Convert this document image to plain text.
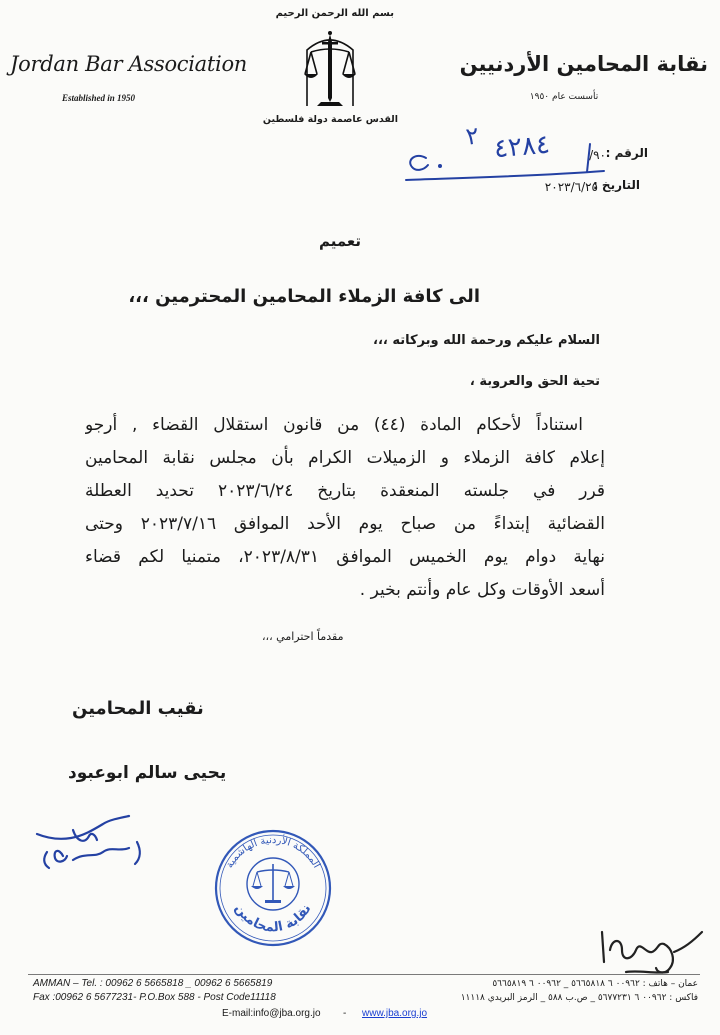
بسم الله الرحمن الرحيم
القدس عاصمة دولة فلسطين
Jordan Bar Association
Established in 1950
نقابة المحامين الأردنيين
تأسست عام ١٩٥٠
الرقم :
٩٠/
٤٢٨٤
٢
التاريخ :
٢٠٢٣/٦/٢٥
تعميم
الى كافة الزملاء المحامين المحترمين ،،،
السلام عليكم ورحمة الله وبركاته ،،،
تحية الحق والعروبة ،
استناداً لأحكام المادة (٤٤) من قانون استقلال القضاء , أرجو
إعلام كافة الزملاء و الزميلات الكرام بأن مجلس نقابة المحامين
قرر في جلسته المنعقدة بتاريخ ٢٠٢٣/٦/٢٤ تحديد العطلة
القضائية إبتداءً من صباح يوم الأحد الموافق ٢٠٢٣/٧/١٦ وحتى
نهاية دوام يوم الخميس الموافق ٢٠٢٣/٨/٣١، متمنيا لكم قضاء
أسعد الأوقات وكل عام وأنتم بخير .
مقدماً احترامي ،،،
نقيب المحامين
يحيى سالم ابوعبود
المملكة الأردنية الهاشمية
نقابة المحامين
AMMAN – Tel. : 00962 6 5665818 _ 00962 6 5665819
Fax :00962 6 5677231- P.O.Box 588 - Post Code11118
عمان – هاتف : ٠٠٩٦٢ ٦ ٥٦٦٥٨١٨ _ ٠٠٩٦٢ ٦ ٥٦٦٥٨١٩
فاكس : ٠٠٩٦٢ ٦ ٥٦٧٧٢٣١ _ ص.ب ٥٨٨ _ الرمز البريدي ١١١١٨
E-mail:info@jba.org.jo - www.jba.org.jo
